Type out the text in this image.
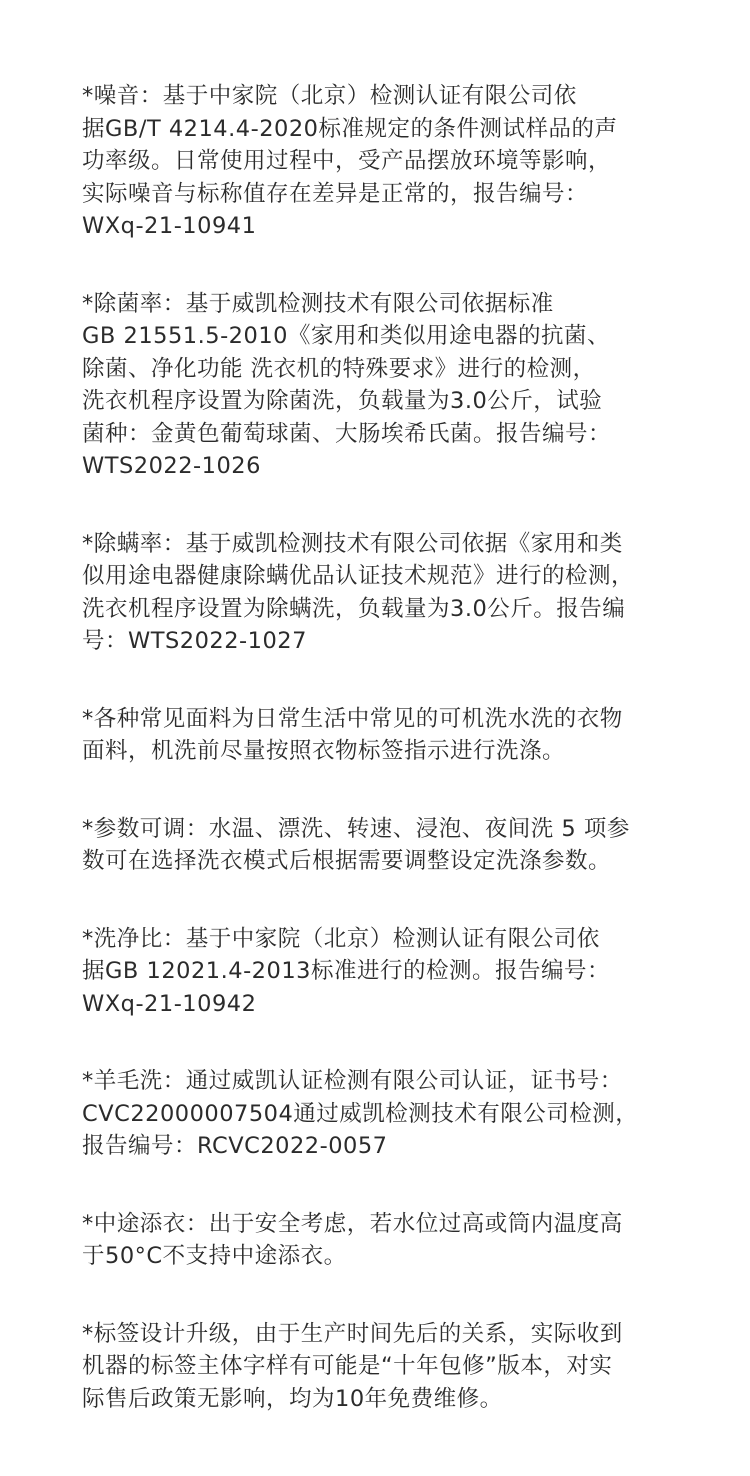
*噪音：基于中家院（北京）检测认证有限公司依
据GB/T 4214.4-2020标准规定的条件测试样品的声
功率级。日常使用过程中，受产品摆放环境等影响，
实际噪音与标称值存在差异是正常的，报告编号：
WXq-21-10941
*除菌率：基于威凯检测技术有限公司依据标准
GB 21551.5-2010《家用和类似用途电器的抗菌、
除菌、净化功能 洗衣机的特殊要求》进行的检测，
洗衣机程序设置为除菌洗，负载量为3.0公斤，试验
菌种：金黄色葡萄球菌、大肠埃希氏菌。报告编号：
WTS2022-1026
*除螨率：基于威凯检测技术有限公司依据《家用和类
似用途电器健康除螨优品认证技术规范》进行的检测，
洗衣机程序设置为除螨洗，负载量为3.0公斤。报告编
号：WTS2022-1027
*各种常见面料为日常生活中常见的可机洗水洗的衣物
面料，机洗前尽量按照衣物标签指示进行洗涤。
*参数可调：水温、漂洗、转速、浸泡、夜间洗 5 项参
数可在选择洗衣模式后根据需要调整设定洗涤参数。
*洗净比：基于中家院（北京）检测认证有限公司依
据GB 12021.4-2013标准进行的检测。报告编号：
WXq-21-10942
*羊毛洗：通过威凯认证检测有限公司认证，证书号：
CVC22000007504通过威凯检测技术有限公司检测，
报告编号：RCVC2022-0057
*中途添衣：出于安全考虑，若水位过高或筒内温度高
于50°C不支持中途添衣。
*标签设计升级，由于生产时间先后的关系，实际收到
机器的标签主体字样有可能是“十年包修”版本，对实
际售后政策无影响，均为10年免费维修。
